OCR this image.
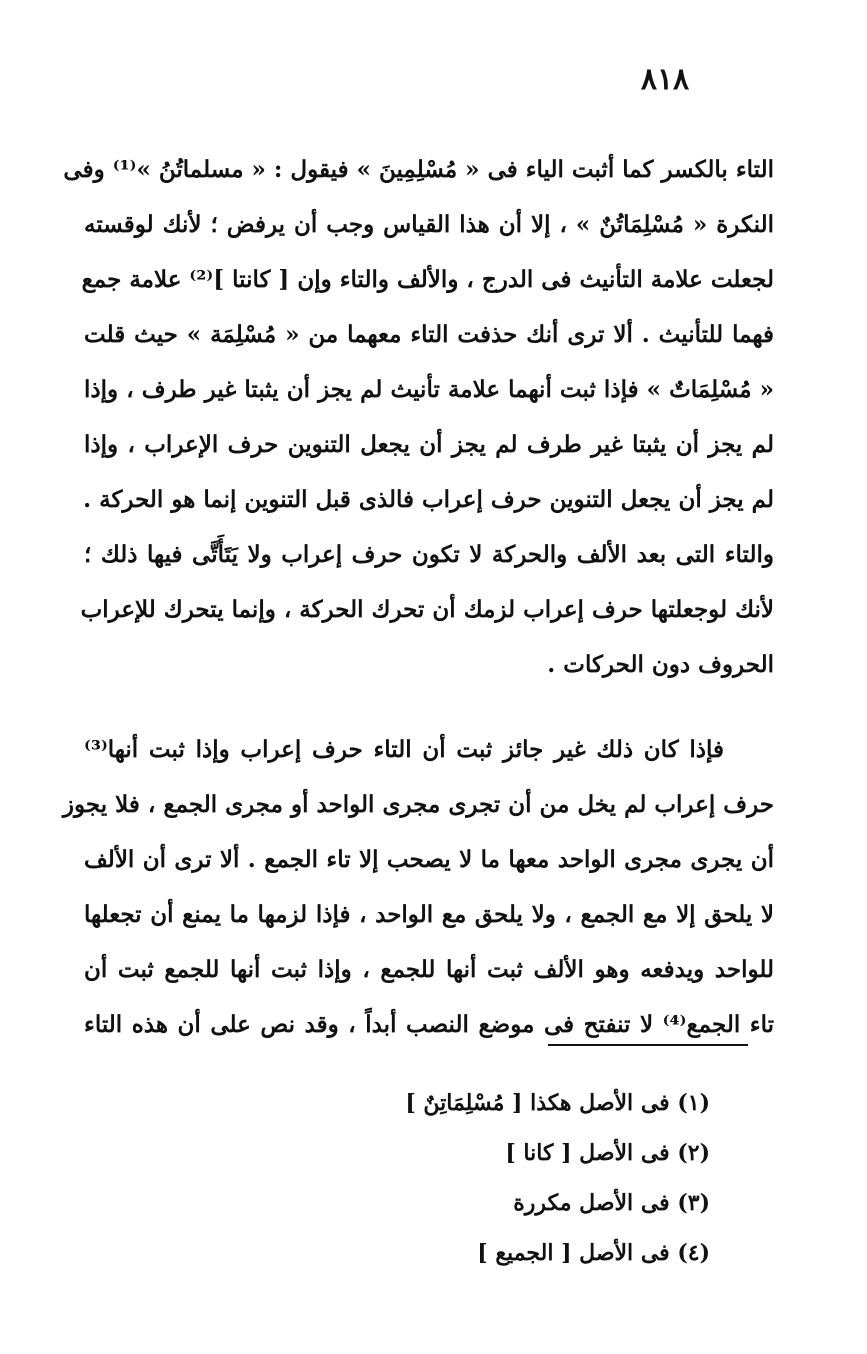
٨١٨
التاء بالكسر كما أثبت الياء فى « مُسْلِمِينَ » فيقول : « مسلماتُنُ »⁽¹⁾ وفى
النكرة « مُسْلِمَاتُنٌ » ، إلا أن هذا القياس وجب أن يرفض ؛ لأنك لوقسته
لجعلت علامة التأنيث فى الدرج ، والألف والتاء وإن [ كانتا ]⁽²⁾ علامة جمع
فهما للتأنيث . ألا ترى أنك حذفت التاء معهما من « مُسْلِمَة » حيث قلت
« مُسْلِمَاتٌ » فإذا ثبت أنهما علامة تأنيث لم يجز أن يثبتا غير طرف ، وإذا
لم يجز أن يثبتا غير طرف لم يجز أن يجعل التنوين حرف الإعراب ، وإذا
لم يجز أن يجعل التنوين حرف إعراب فالذى قبل التنوين إنما هو الحركة .
والتاء التى بعد الألف والحركة لا تكون حرف إعراب ولا يَتَأَتَّى فيها ذلك ؛
لأنك لوجعلتها حرف إعراب لزمك أن تحرك الحركة ، وإنما يتحرك للإعراب
الحروف دون الحركات .
فإذا كان ذلك غير جائز ثبت أن التاء حرف إعراب وإذا ثبت أنها⁽³⁾
حرف إعراب لم يخل من أن تجرى مجرى الواحد أو مجرى الجمع ، فلا يجوز
أن يجرى مجرى الواحد معها ما لا يصحب إلا تاء الجمع . ألا ترى أن الألف
لا يلحق إلا مع الجمع ، ولا يلحق مع الواحد ، فإذا لزمها ما يمنع أن تجعلها
للواحد ويدفعه وهو الألف ثبت أنها للجمع ، وإذا ثبت أنها للجمع ثبت أن
تاء الجمع⁽⁴⁾ لا تنفتح فى موضع النصب أبداً ، وقد نص على أن هذه التاء
(١) فى الأصل هكذا [ مُسْلِمَاتِنٌ ]
(٢) فى الأصل [ كانا ]
(٣) فى الأصل مكررة
(٤) فى الأصل [ الجميع ]
